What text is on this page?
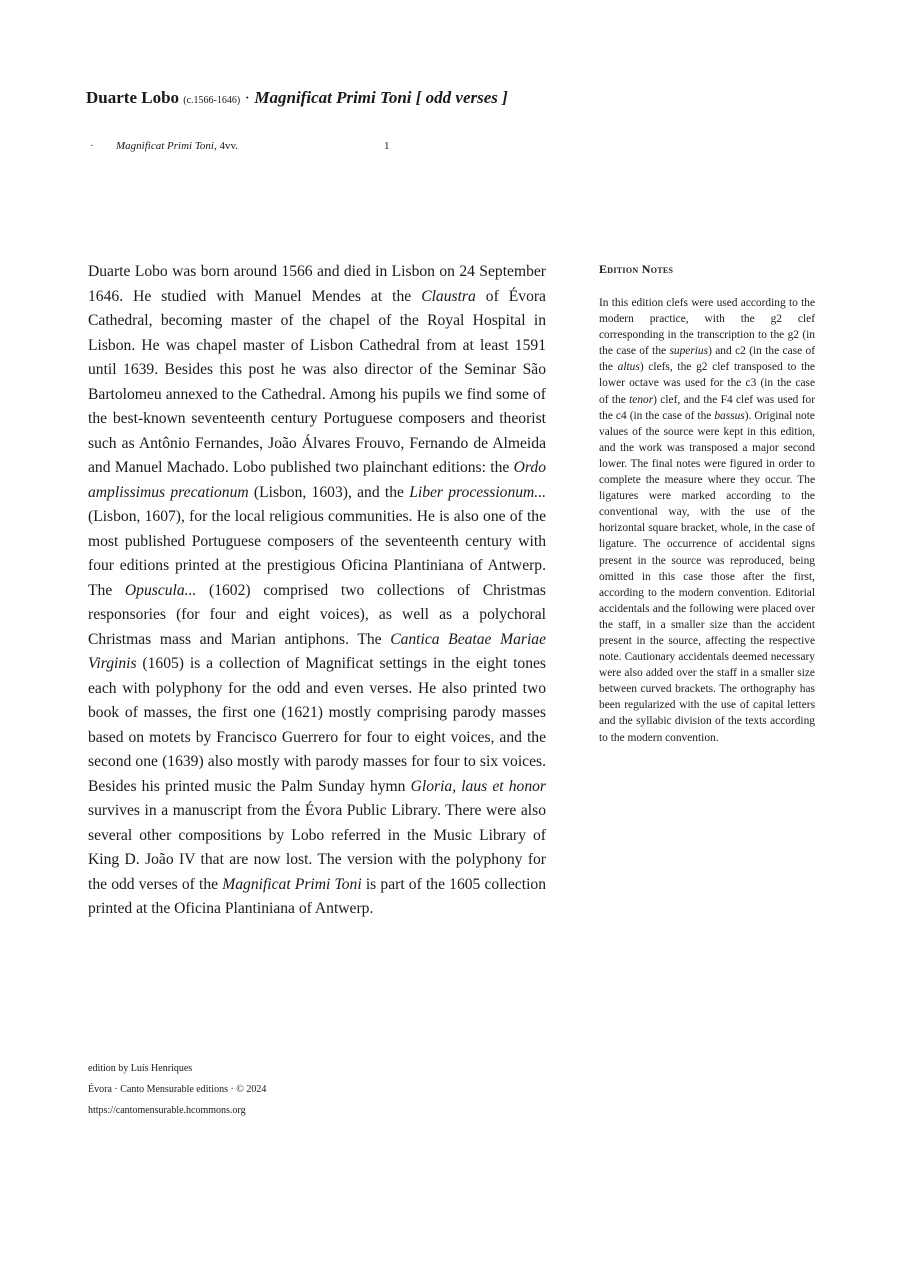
Duarte Lobo (c.1566-1646) · Magnificat Primi Toni [ odd verses ]
· Magnificat Primi Toni, 4vv.	1

Duarte Lobo was born around 1566 and died in Lisbon on 24 September 1646. He studied with Manuel Mendes at the Claustra of Évora Cathedral, becoming master of the chapel of the Royal Hospital in Lisbon. He was chapel master of Lisbon Cathedral from at least 1591 until 1639. Besides this post he was also director of the Seminar São Bartolomeu annexed to the Cathedral. Among his pupils we find some of the best-known seventeenth century Portuguese composers and theorist such as Antônio Fernandes, João Álvares Frouvo, Fernando de Almeida and Manuel Machado. Lobo published two plainchant editions: the Ordo amplissimus precationum (Lisbon, 1603), and the Liber processionum... (Lisbon, 1607), for the local religious communities. He is also one of the most published Portuguese composers of the seventeenth century with four editions printed at the prestigious Oficina Plantiniana of Antwerp. The Opuscula... (1602) comprised two collections of Christmas responsories (for four and eight voices), as well as a polychoral Christmas mass and Marian antiphons. The Cantica Beatae Mariae Virginis (1605) is a collection of Magnificat settings in the eight tones each with polyphony for the odd and even verses. He also printed two book of masses, the first one (1621) mostly comprising parody masses based on motets by Francisco Guerrero for four to eight voices, and the second one (1639) also mostly with parody masses for four to six voices. Besides his printed music the Palm Sunday hymn Gloria, laus et honor survives in a manuscript from the Évora Public Library. There were also several other compositions by Lobo referred in the Music Library of King D. João IV that are now lost. The version with the polyphony for the odd verses of the Magnificat Primi Toni is part of the 1605 collection printed at the Oficina Plantiniana of Antwerp.

Edition Notes

In this edition clefs were used according to the modern practice, with the g2 clef corresponding in the transcription to the g2 (in the case of the superius) and c2 (in the case of the altus) clefs, the g2 clef transposed to the lower octave was used for the c3 (in the case of the tenor) clef, and the F4 clef was used for the c4 (in the case of the bassus). Original note values of the source were kept in this edition, and the work was transposed a major second lower. The final notes were figured in order to complete the measure where they occur. The ligatures were marked according to the conventional way, with the use of the horizontal square bracket, whole, in the case of ligature. The occurrence of accidental signs present in the source was reproduced, being omitted in this case those after the first, according to the modern convention. Editorial accidentals and the following were placed over the staff, in a smaller size than the accident present in the source, affecting the respective note. Cautionary accidentals deemed necessary were also added over the staff in a smaller size between curved brackets. The orthography has been regularized with the use of capital letters and the syllabic division of the texts according to the modern convention.

edition by Luís Henriques
Évora · Canto Mensurable editions · © 2024
https://cantomensurable.hcommons.org
